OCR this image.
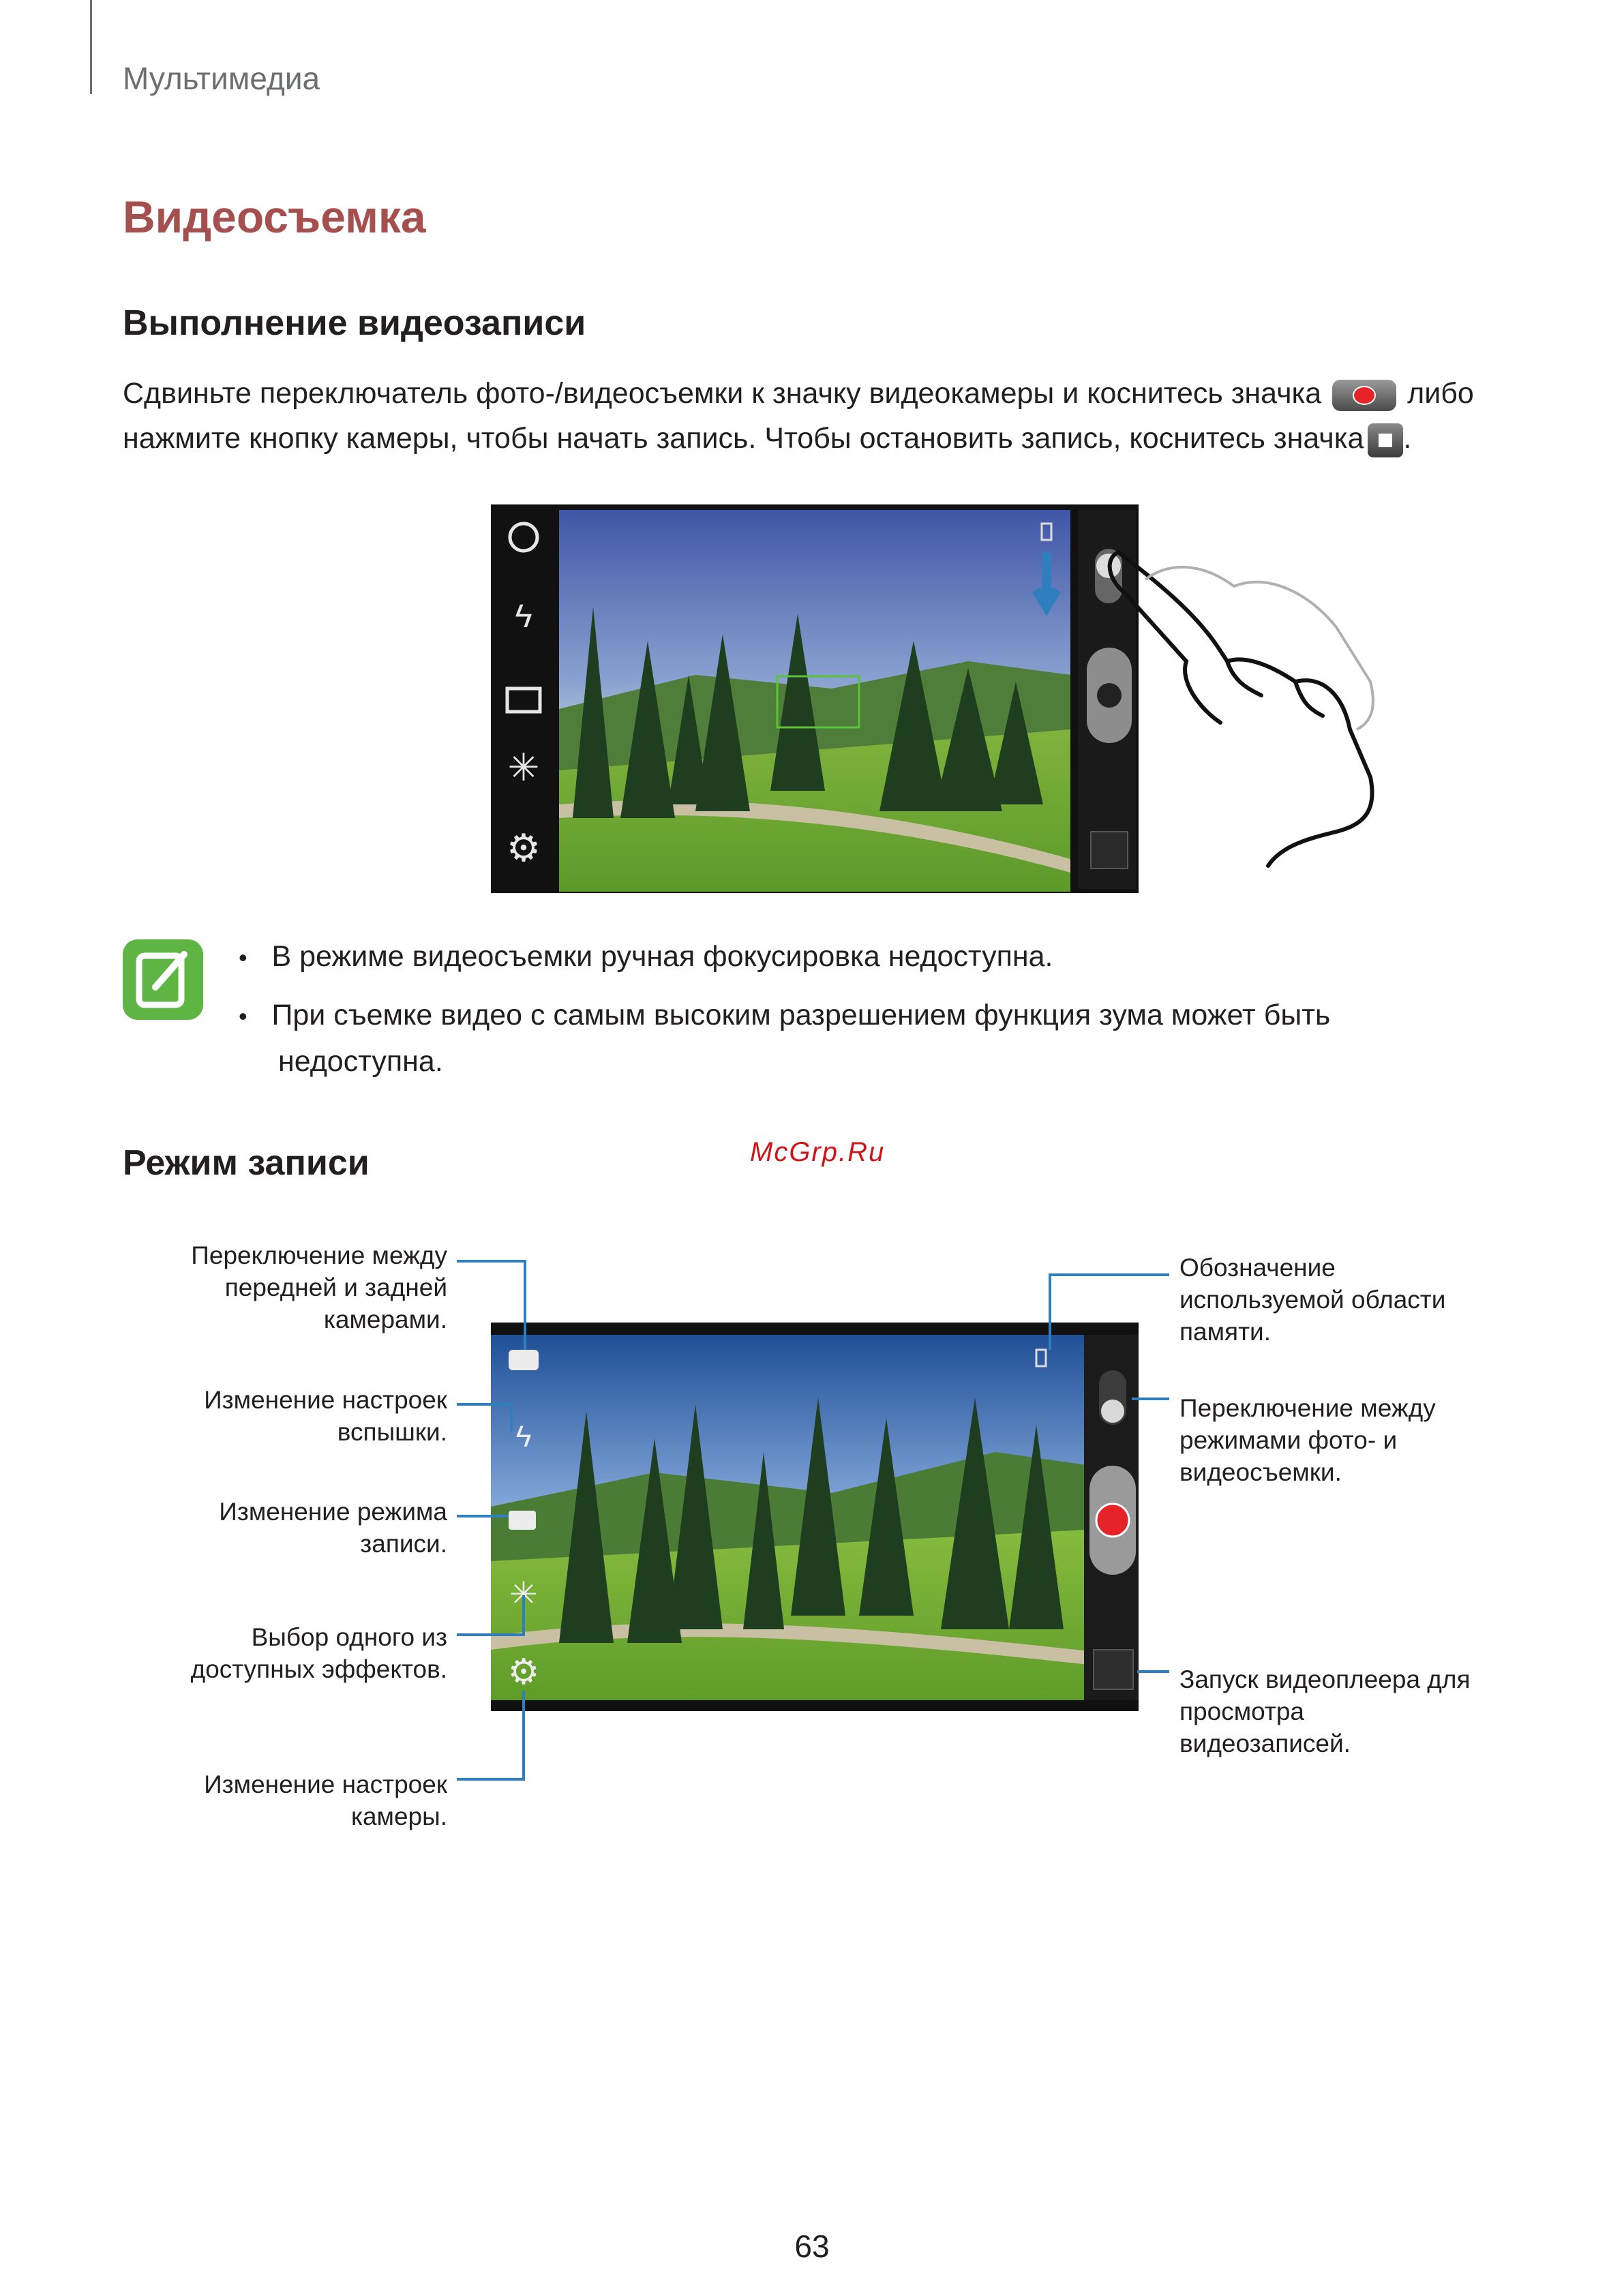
Мультимедиа
Видеосъемка
Выполнение видеозаписи
Сдвиньте переключатель фото-/видеосъемки к значку видеокамеры и коснитесь значка	либо
нажмите кнопку камеры, чтобы начать запись. Чтобы остановить запись, коснитесь значка .
ϟ
✳
⚙
• В режиме видеосъемки ручная фокусировка недоступна.
• При съемке видео с самым высоким разрешением функция зума может быть
недоступна.
McGrp.Ru
Режим записи
Переключение между
передней и задней
камерами.
Изменение настроек
вспышки.
Изменение режима
записи.
Выбор одного из
доступных эффектов.
Изменение настроек
камеры.
Обозначение
используемой области
памяти.
Переключение между
режимами фото- и
видеосъемки.
Запуск видеоплеера для
просмотра
видеозаписей.
ϟ
✳
⚙
63
